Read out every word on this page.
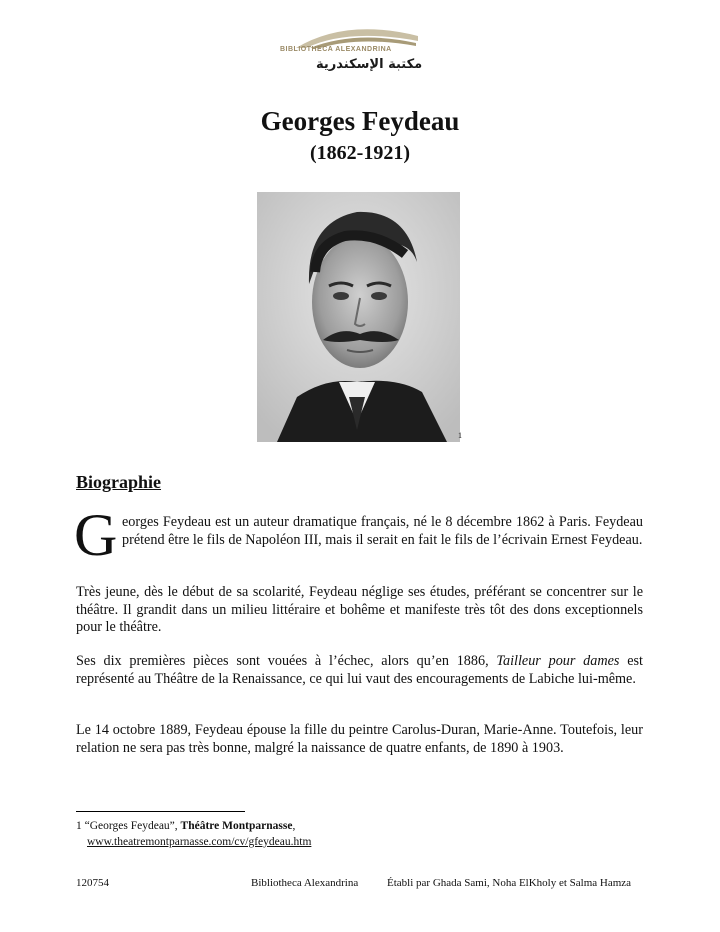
BIBLIOTHECA ALEXANDRINA
مكتبة الإسكندرية
Georges Feydeau
(1862-1921)
1
Biographie
G eorges Feydeau est un auteur dramatique français, né le 8 décembre 1862 à Paris. Feydeau prétend être le fils de Napoléon III, mais il serait en fait le fils de l’écrivain Ernest Feydeau.

Très jeune, dès le début de sa scolarité, Feydeau néglige ses études, préférant se concentrer sur le théâtre. Il grandit dans un milieu littéraire et bohême et manifeste très tôt des dons exceptionnels pour le théâtre.

Ses dix premières pièces sont vouées à l’échec, alors qu’en 1886, Tailleur pour dames est représenté au Théâtre de la Renaissance, ce qui lui vaut des encouragements de Labiche lui-même.

Le 14 octobre 1889, Feydeau épouse la fille du peintre Carolus-Duran, Marie-Anne. Toutefois, leur relation ne sera pas très bonne, malgré la naissance de quatre enfants, de 1890 à 1903.

1 “Georges Feydeau”, Théâtre Montparnasse,
www.theatremontparnasse.com/cv/gfeydeau.htm
120754	Bibliotheca Alexandrina	Établi par Ghada Sami, Noha ElKholy et Salma Hamza
